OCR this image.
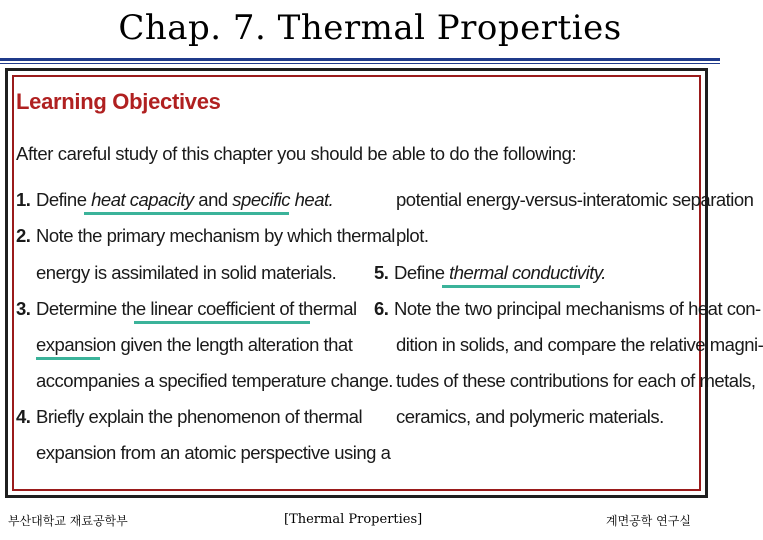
Chap. 7. Thermal Properties
Learning Objectives
After careful study of this chapter you should be able to do the following:
1. Define heat capacity and specific heat.
2. Note the primary mechanism by which thermal
energy is assimilated in solid materials.
3. Determine the linear coefficient of thermal
expansion given the length alteration that
accompanies a specified temperature change.
4. Briefly explain the phenomenon of thermal
expansion from an atomic perspective using a
potential energy-versus-interatomic separation
plot.
5. Define thermal conductivity.
6. Note the two principal mechanisms of heat con-
dition in solids, and compare the relative magni-
tudes of these contributions for each of metals,
ceramics, and polymeric materials.
부산대학교 재료공학부	[Thermal Properties]	계면공학 연구실
